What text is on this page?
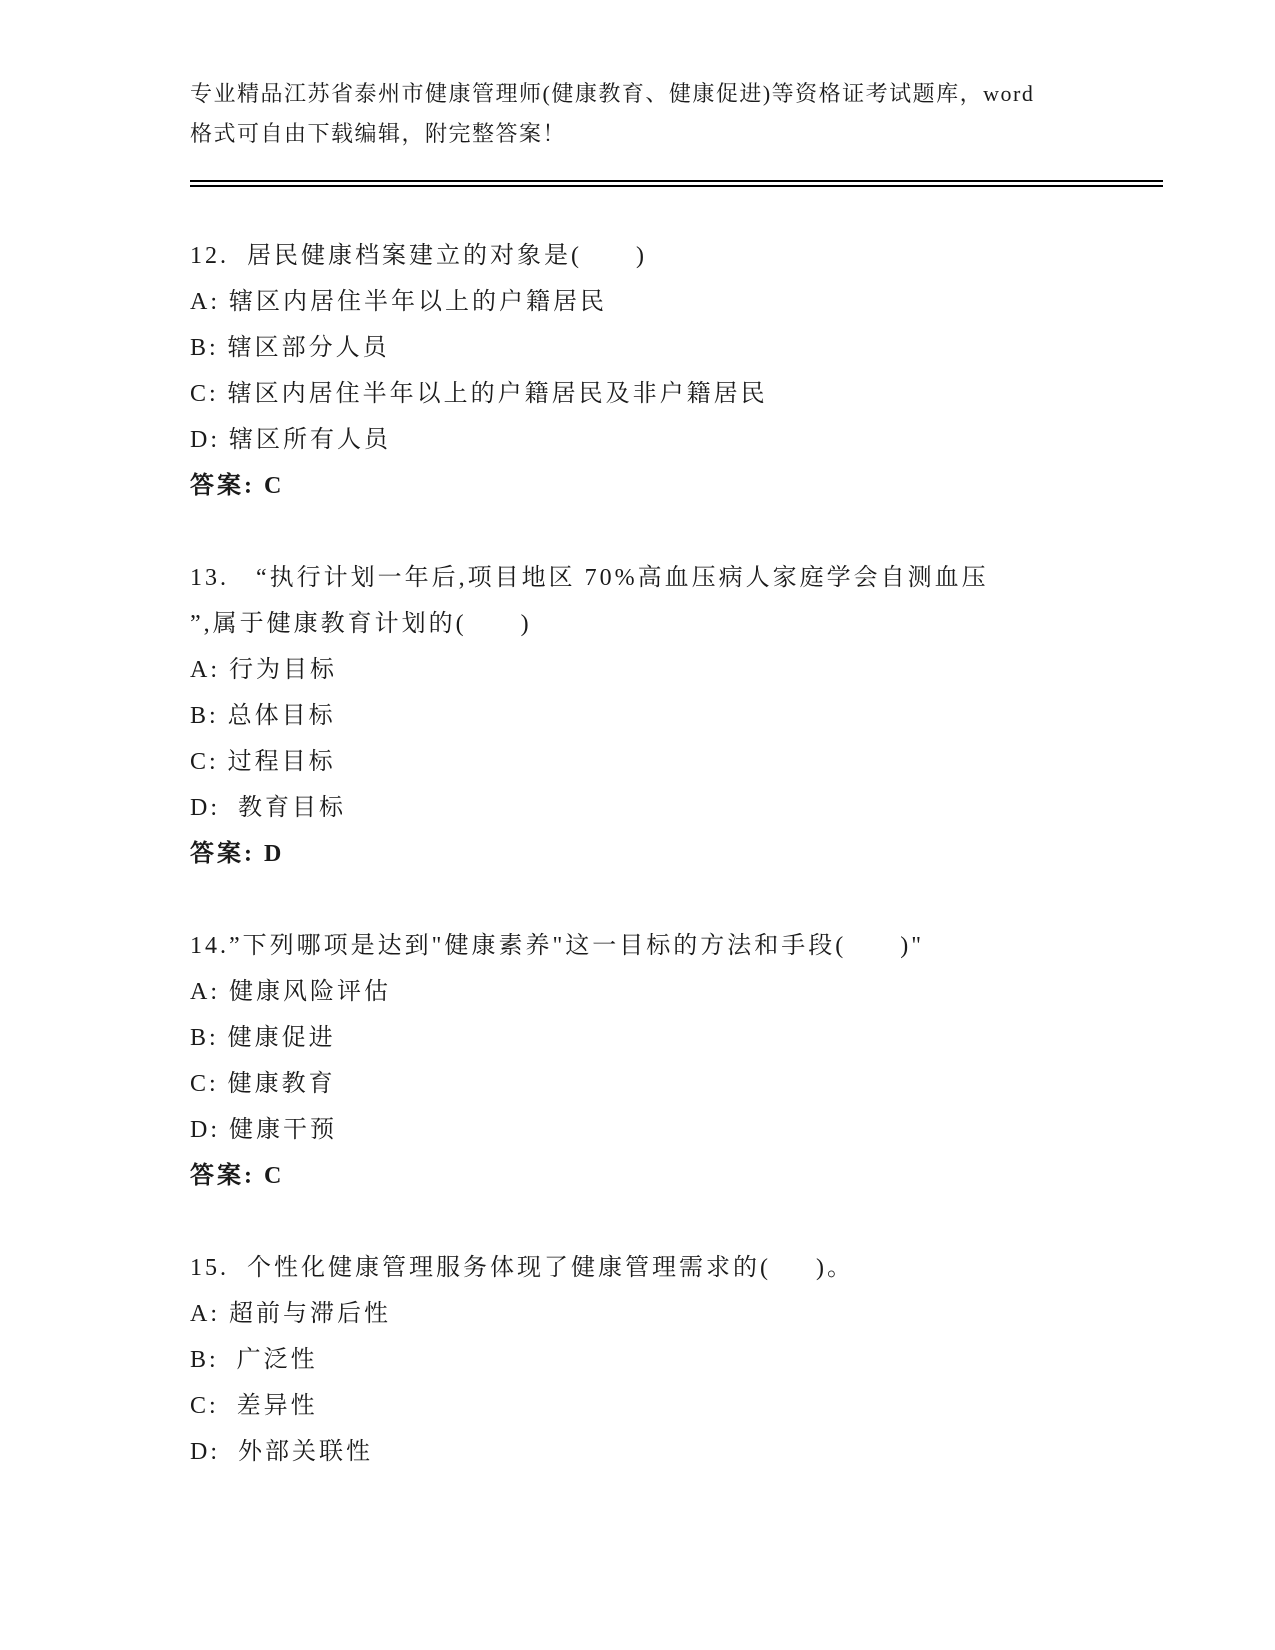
专业精品江苏省泰州市健康管理师(健康教育、健康促进)等资格证考试题库，word
格式可自由下载编辑，附完整答案！
12.  居民健康档案建立的对象是(      )
A: 辖区内居住半年以上的户籍居民
B: 辖区部分人员
C: 辖区内居住半年以上的户籍居民及非户籍居民
D: 辖区所有人员
答案: C
13.   “执行计划一年后,项目地区 70%高血压病人家庭学会自测血压
”,属于健康教育计划的(      )
A: 行为目标
B: 总体目标
C: 过程目标
D:  教育目标
答案: D
14.”下列哪项是达到"健康素养"这一目标的方法和手段(      )"
A: 健康风险评估
B: 健康促进
C: 健康教育
D: 健康干预
答案: C
15.  个性化健康管理服务体现了健康管理需求的(     )。
A: 超前与滞后性
B:  广泛性
C:  差异性
D:  外部关联性
